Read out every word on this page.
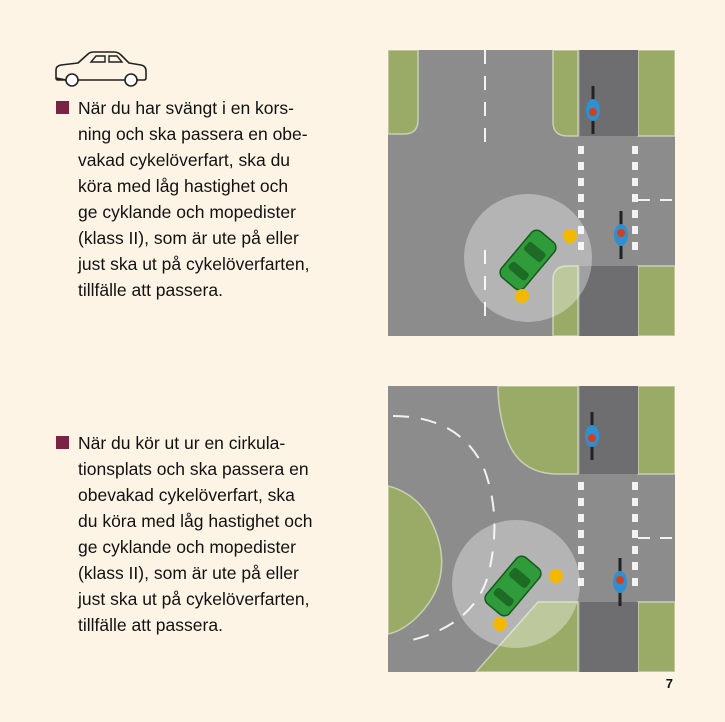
När du har svängt i en kors-
ning och ska passera en obe-
vakad cykelöverfart, ska du
köra med låg hastighet och
ge cyklande och mopedister
(klass II), som är ute på eller
just ska ut på cykelöverfarten,
tillfälle att passera.
När du kör ut ur en cirkula-
tionsplats och ska passera en
obevakad cykelöverfart, ska
du köra med låg hastighet och
ge cyklande och mopedister
(klass II), som är ute på eller
just ska ut på cykelöverfarten,
tillfälle att passera.
7
